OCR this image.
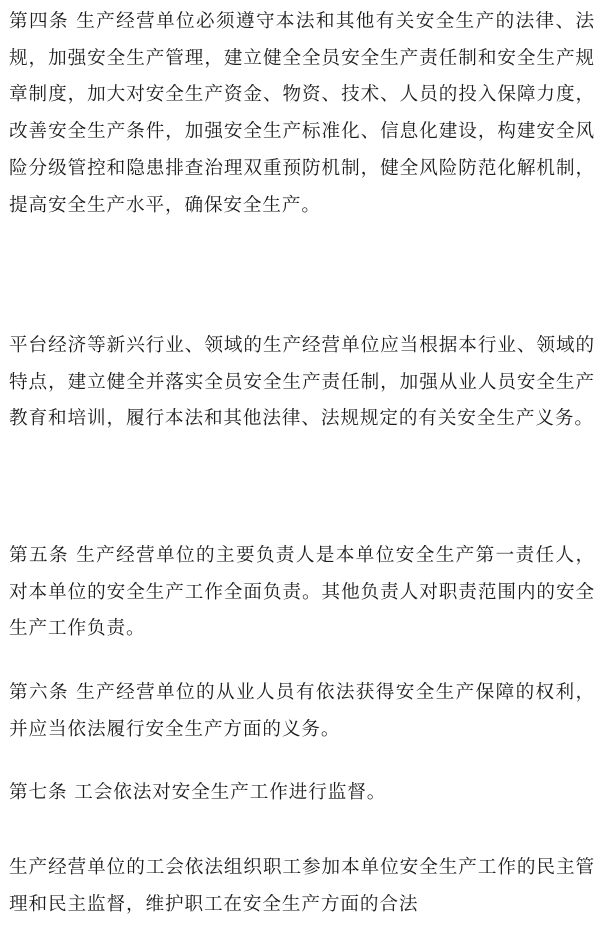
第四条 生产经营单位必须遵守本法和其他有关安全生产的法律、法规，加强安全生产管理，建立健全全员安全生产责任制和安全生产规章制度，加大对安全生产资金、物资、技术、人员的投入保障力度，改善安全生产条件，加强安全生产标准化、信息化建设，构建安全风险分级管控和隐患排查治理双重预防机制，健全风险防范化解机制，提高安全生产水平，确保安全生产。

平台经济等新兴行业、领域的生产经营单位应当根据本行业、领域的特点，建立健全并落实全员安全生产责任制，加强从业人员安全生产教育和培训，履行本法和其他法律、法规规定的有关安全生产义务。

第五条 生产经营单位的主要负责人是本单位安全生产第一责任人，对本单位的安全生产工作全面负责。其他负责人对职责范围内的安全生产工作负责。

第六条 生产经营单位的从业人员有依法获得安全生产保障的权利，并应当依法履行安全生产方面的义务。

第七条 工会依法对安全生产工作进行监督。

生产经营单位的工会依法组织职工参加本单位安全生产工作的民主管理和民主监督，维护职工在安全生产方面的合法
